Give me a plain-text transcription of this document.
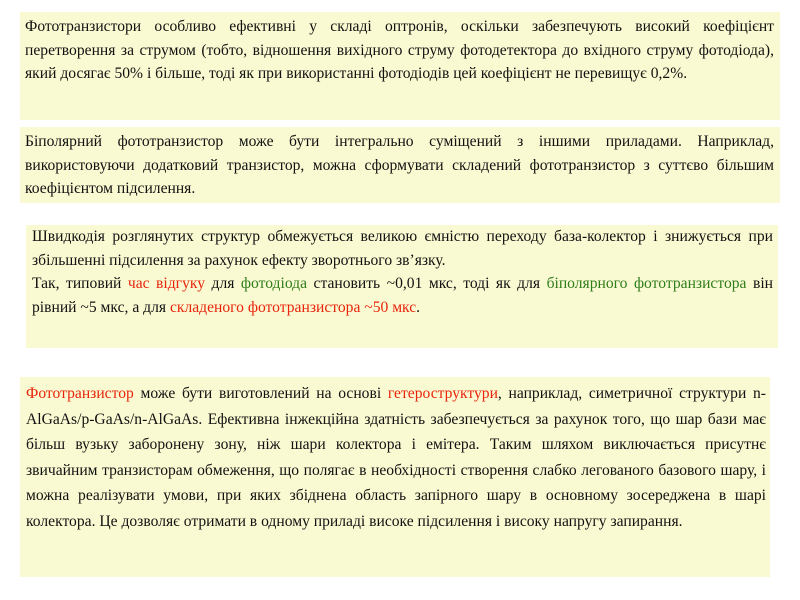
Фототранзистори особливо ефективні у складі оптронів, оскільки забезпечують високий коефіцієнт перетворення за струмом (тобто, відношення вихідного струму фотодетектора до вхідного струму фотодіода), який досягає 50% і більше, тоді як при використанні фотодіодів цей коефіцієнт не перевищує 0,2%.

Біполярний фототранзистор може бути інтегрально суміщений з іншими приладами. Наприклад, використовуючи додатковий транзистор, можна сформувати складений фототранзистор з суттєво більшим коефіцієнтом підсилення.

Швидкодія розглянутих структур обмежується великою ємністю переходу база-колектор і знижується при збільшенні підсилення за рахунок ефекту зворотнього зв’язку.

Так, типовий час відгуку для фотодіода становить ~0,01 мкс, тоді як для біполярного фототранзистора він рівний ~5 мкс, а для складеного фототранзистора ~50 мкс.

Фототранзистор може бути виготовлений на основі гетероструктури, наприклад, симетричної структури n-AlGaAs/p-GaAs/n-AlGaAs. Ефективна інжекційна здатність забезпечується за рахунок того, що шар бази має більш вузьку заборонену зону, ніж шари колектора і емітера. Таким шляхом виключається присутнє звичайним транзисторам обмеження, що полягає в необхідності створення слабко легованого базового шару, і можна реалізувати умови, при яких збіднена область запірного шару в основному зосереджена в шарі колектора. Це дозволяє отримати в одному приладі високе підсилення і високу напругу запирання.
